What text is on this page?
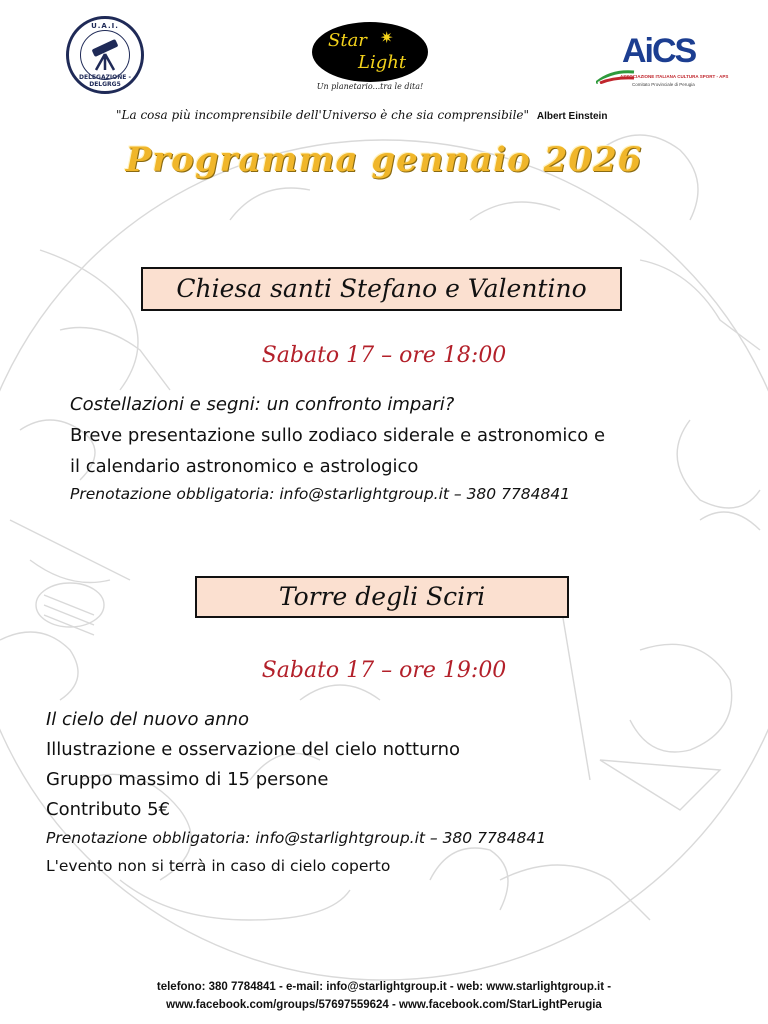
U.A.I.
DELEGAZIONE - DELGRG5
Star ✷
Light
Un planetario...tra le dita!
AiCS
ASSOCIAZIONE ITALIANA CULTURA SPORT - APS
Comitato Provinciale di Perugia
"La cosa più incomprensibile dell'Universo è che sia comprensibile" Albert Einstein
Programma gennaio 2026
Chiesa santi Stefano e Valentino
Sabato 17 – ore 18:00
Costellazioni e segni: un confronto impari?
Breve presentazione sullo zodiaco siderale e astronomico e
il calendario astronomico e astrologico
Prenotazione obbligatoria: info@starlightgroup.it – 380 7784841
Torre degli Sciri
Sabato 17 – ore 19:00
Il cielo del nuovo anno
Illustrazione e osservazione del cielo notturno
Gruppo massimo di 15 persone
Contributo 5€
Prenotazione obbligatoria: info@starlightgroup.it – 380 7784841
L'evento non si terrà in caso di cielo coperto
telefono: 380 7784841 - e-mail: info@starlightgroup.it - web: www.starlightgroup.it -
www.facebook.com/groups/57697559624 - www.facebook.com/StarLightPerugia
